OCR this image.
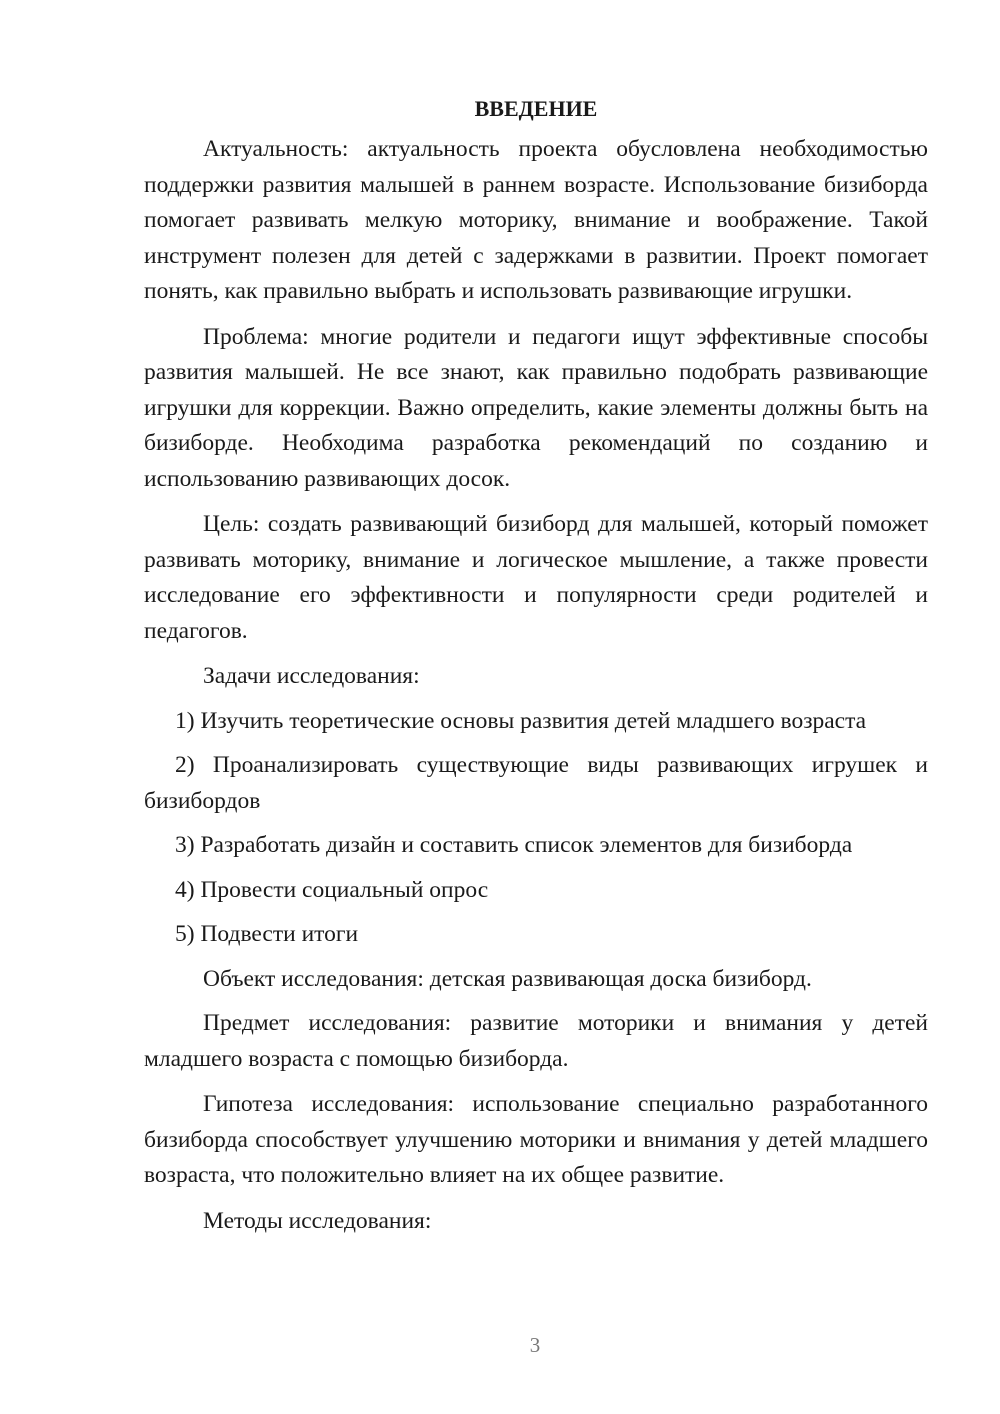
ВВЕДЕНИЕ

Актуальность: актуальность проекта обусловлена необходимостью поддержки развития малышей в раннем возрасте. Использование бизиборда помогает развивать мелкую моторику, внимание и воображение. Такой инструмент полезен для детей с задержками в развитии. Проект помогает понять, как правильно выбрать и использовать развивающие игрушки.

Проблема: многие родители и педагоги ищут эффективные способы развития малышей. Не все знают, как правильно подобрать развивающие игрушки для коррекции. Важно определить, какие элементы должны быть на бизиборде. Необходима разработка рекомендаций по созданию и использованию развивающих досок.

Цель: создать развивающий бизиборд для малышей, который поможет развивать моторику, внимание и логическое мышление, а также провести исследование его эффективности и популярности среди родителей и педагогов.

Задачи исследования:

1) Изучить теоретические основы развития детей младшего возраста

2) Проанализировать существующие виды развивающих игрушек и бизибордов

3) Разработать дизайн и составить список элементов для бизиборда

4) Провести социальный опрос

5) Подвести итоги

Объект исследования: детская развивающая доска бизиборд.

Предмет исследования: развитие моторики и внимания у детей младшего возраста с помощью бизиборда.

Гипотеза исследования: использование специально разработанного бизиборда способствует улучшению моторики и внимания у детей младшего возраста, что положительно влияет на их общее развитие.

Методы исследования:

3
